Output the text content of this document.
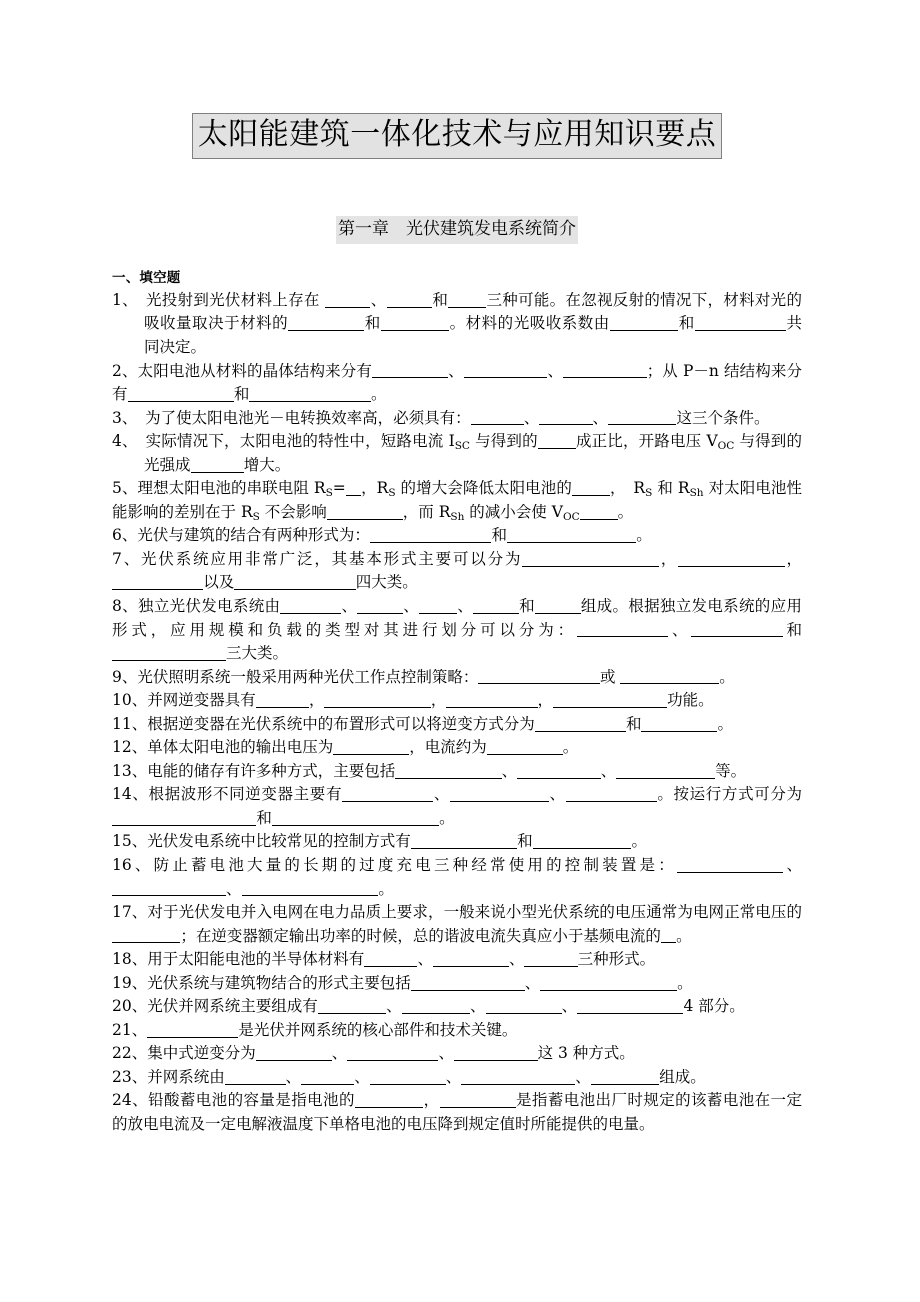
太阳能建筑一体化技术与应用知识要点
第一章　光伏建筑发电系统简介
一、填空题

1、 光投射到光伏材料上存在	、	和 三种可能。在忽视反射的情况下，材料对光的吸收量取决于材料的	和	。材料的光吸收系数由	和	共同决定。

2、太阳电池从材料的晶体结构来分有	、	、	；从 P－n 结结构来分有	和	。

3、 为了使太阳电池光－电转换效率高，必须具有：	、	、	这三个条件。

4、 实际情况下，太阳电池的特性中，短路电流 $I_{SC}$ 与得到的 成正比，开路电压 $V_{OC}$ 与得到的光强成	增大。

5、理想太阳电池的串联电阻 $R_S=$ ，$R_S$ 的增大会降低太阳电池的 ，　$R_S$ 和 $R_{Sh}$ 对太阳电池性能影响的差别在于 $R_S$ 不会影响	，而 $R_{Sh}$ 的减小会使 $V_{OC}$ 。

6、光伏与建筑的结合有两种形式为：	和	。

7、光伏系统应用非常广泛，其基本形式主要可以分为	，	，以及	四大类。

8、独立光伏发电系统由	、	、 、	和	组成。根据独立发电系统的应用形式，应用规模和负载的类型对其进行划分可以分为：	、	和三大类。

9、光伏照明系统一般采用两种光伏工作点控制策略：	或	。

10、并网逆变器具有	，	，	，	功能。

11、根据逆变器在光伏系统中的布置形式可以将逆变方式分为	和	。

12、单体太阳电池的输出电压为	，电流约为	。

13、电能的储存有许多种方式，主要包括	、	、	等。

14、根据波形不同逆变器主要有	、	、	。按运行方式可分为和	。

15、光伏发电系统中比较常见的控制方式有	和	。

16、防止蓄电池大量的长期的过度充电三种经常使用的控制装置是：	、、	。

17、对于光伏发电并入电网在电力品质上要求，一般来说小型光伏系统的电压通常为电网正常电压的；在逆变器额定输出功率的时候，总的谐波电流失真应小于基频电流的 。

18、用于太阳能电池的半导体材料有	、	、	三种形式。

19、光伏系统与建筑物结合的形式主要包括	、	。

20、光伏并网系统主要组成有	、	、	、	4 部分。

21、	是光伏并网系统的核心部件和技术关键。

22、集中式逆变分为	、	、	这 3 种方式。

23、并网系统由	、	、	、	、	组成。

24、铅酸蓄电池的容量是指电池的	，	是指蓄电池出厂时规定的该蓄电池在一定的放电电流及一定电解液温度下单格电池的电压降到规定值时所能提供的电量。
